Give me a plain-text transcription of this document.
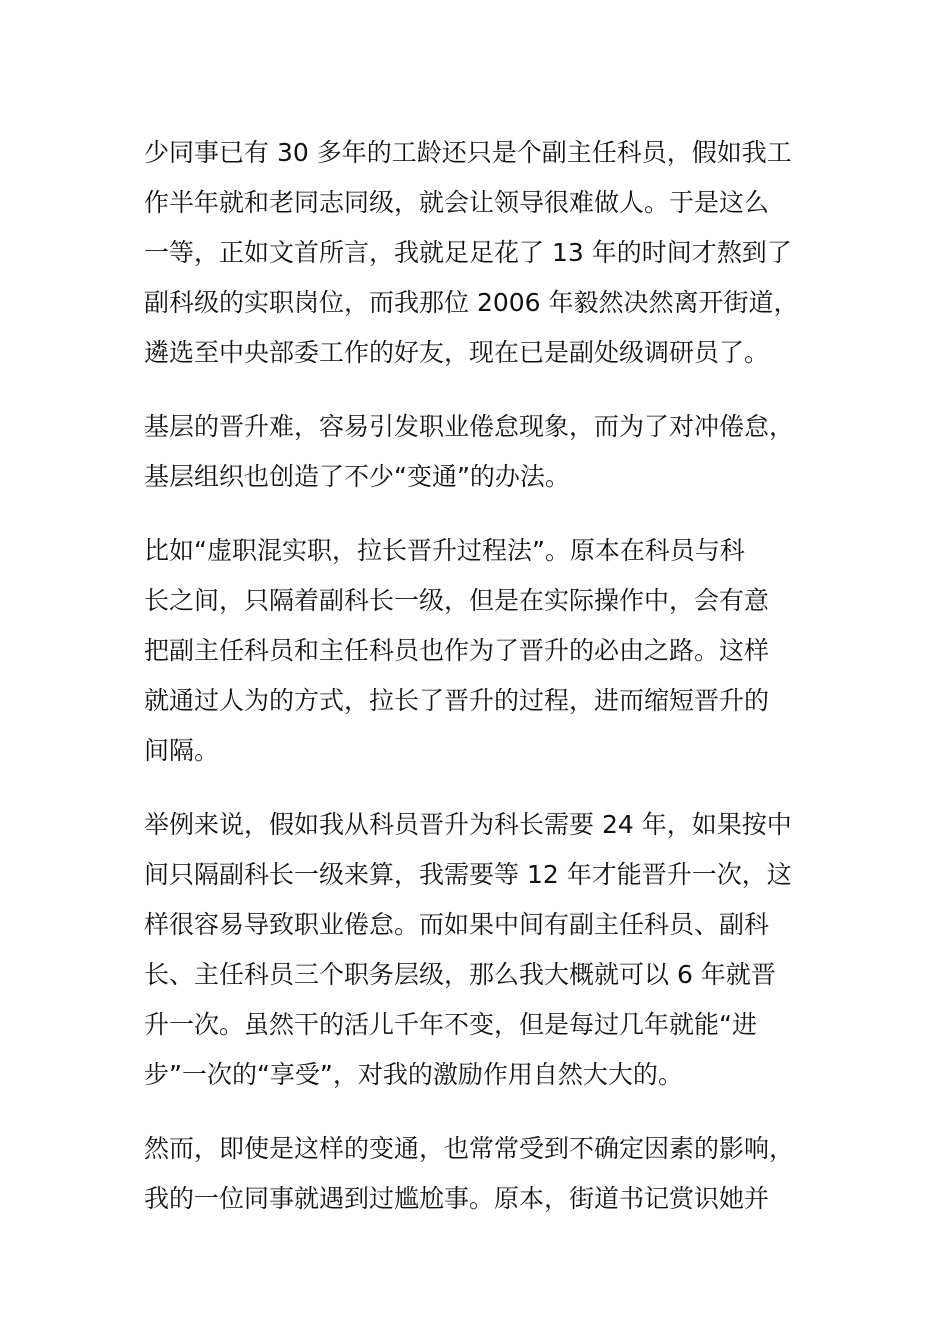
少同事已有 30 多年的工龄还只是个副主任科员，假如我工
作半年就和老同志同级，就会让领导很难做人。于是这么
一等，正如文首所言，我就足足花了 13 年的时间才熬到了
副科级的实职岗位，而我那位 2006 年毅然决然离开街道，
遴选至中央部委工作的好友，现在已是副处级调研员了。

基层的晋升难，容易引发职业倦怠现象，而为了对冲倦怠，
基层组织也创造了不少“变通”的办法。

比如“虚职混实职，拉长晋升过程法”。原本在科员与科
长之间，只隔着副科长一级，但是在实际操作中，会有意
把副主任科员和主任科员也作为了晋升的必由之路。这样
就通过人为的方式，拉长了晋升的过程，进而缩短晋升的
间隔。

举例来说，假如我从科员晋升为科长需要 24 年，如果按中
间只隔副科长一级来算，我需要等 12 年才能晋升一次，这
样很容易导致职业倦怠。而如果中间有副主任科员、副科
长、主任科员三个职务层级，那么我大概就可以 6 年就晋
升一次。虽然干的活儿千年不变，但是每过几年就能“进
步”一次的“享受”，对我的激励作用自然大大的。

然而，即使是这样的变通，也常常受到不确定因素的影响，
我的一位同事就遇到过尴尬事。原本，街道书记赏识她并
